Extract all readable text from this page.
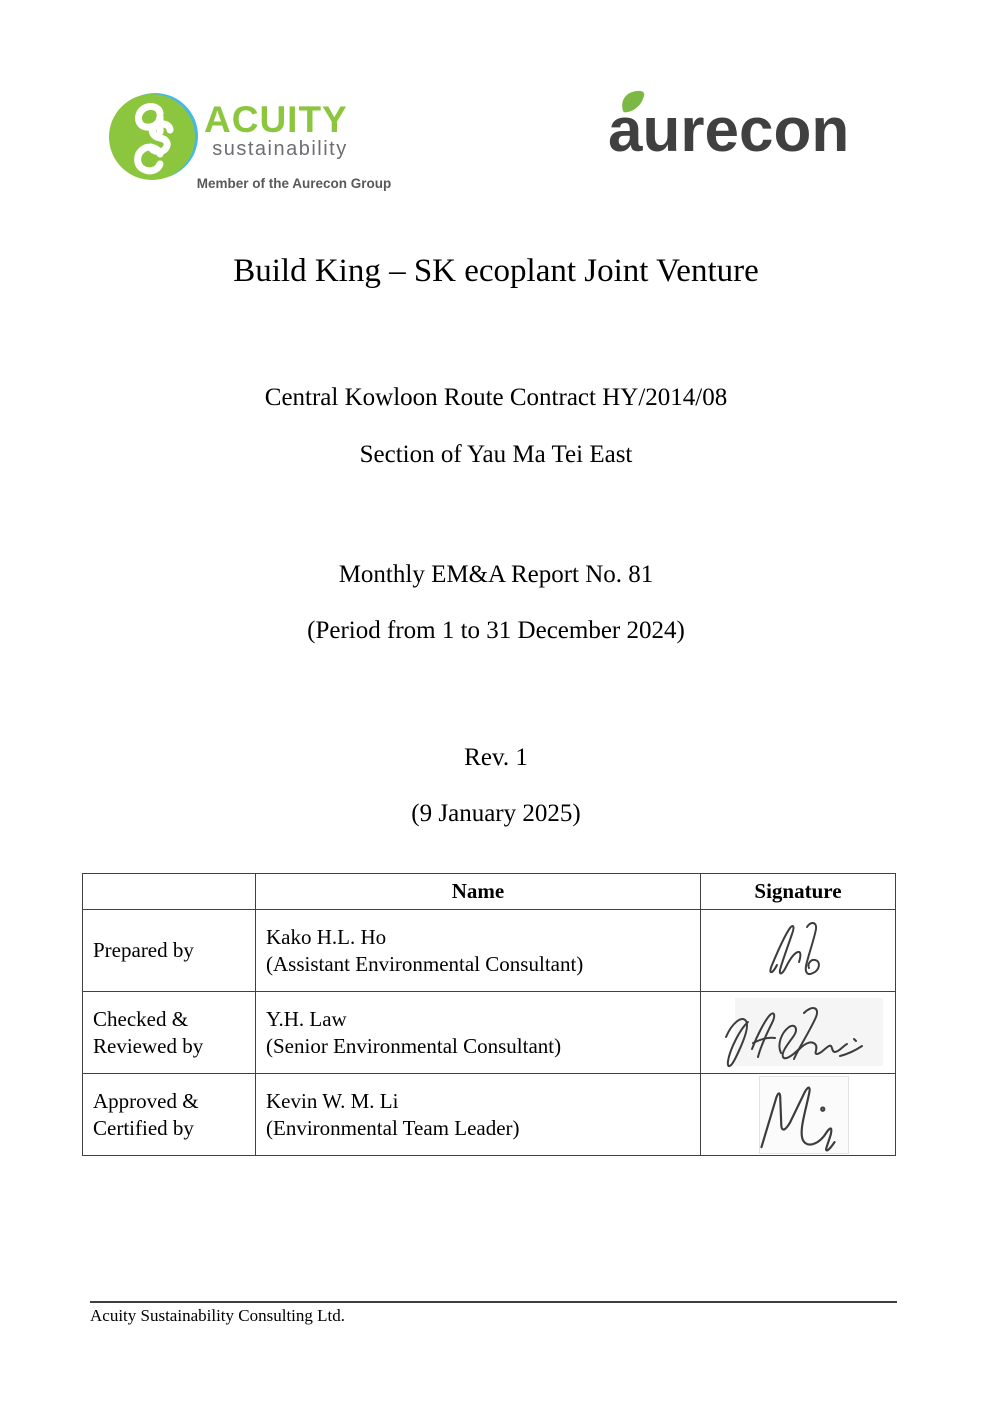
ACUITY
sustainability
Member of the Aurecon Group
aurecon
Build King – SK ecoplant Joint Venture
Central Kowloon Route Contract HY/2014/08
Section of Yau Ma Tei East
Monthly EM&A Report No. 81
(Period from 1 to 31 December 2024)
Rev. 1
(9 January 2025)
Name	Signature
Prepared by
Kako H.L. Ho
(Assistant Environmental Consultant)
Checked & Reviewed by
Y.H. Law
(Senior Environmental Consultant)
Approved & Certified by
Kevin W. M. Li
(Environmental Team Leader)
Acuity Sustainability Consulting Ltd.
